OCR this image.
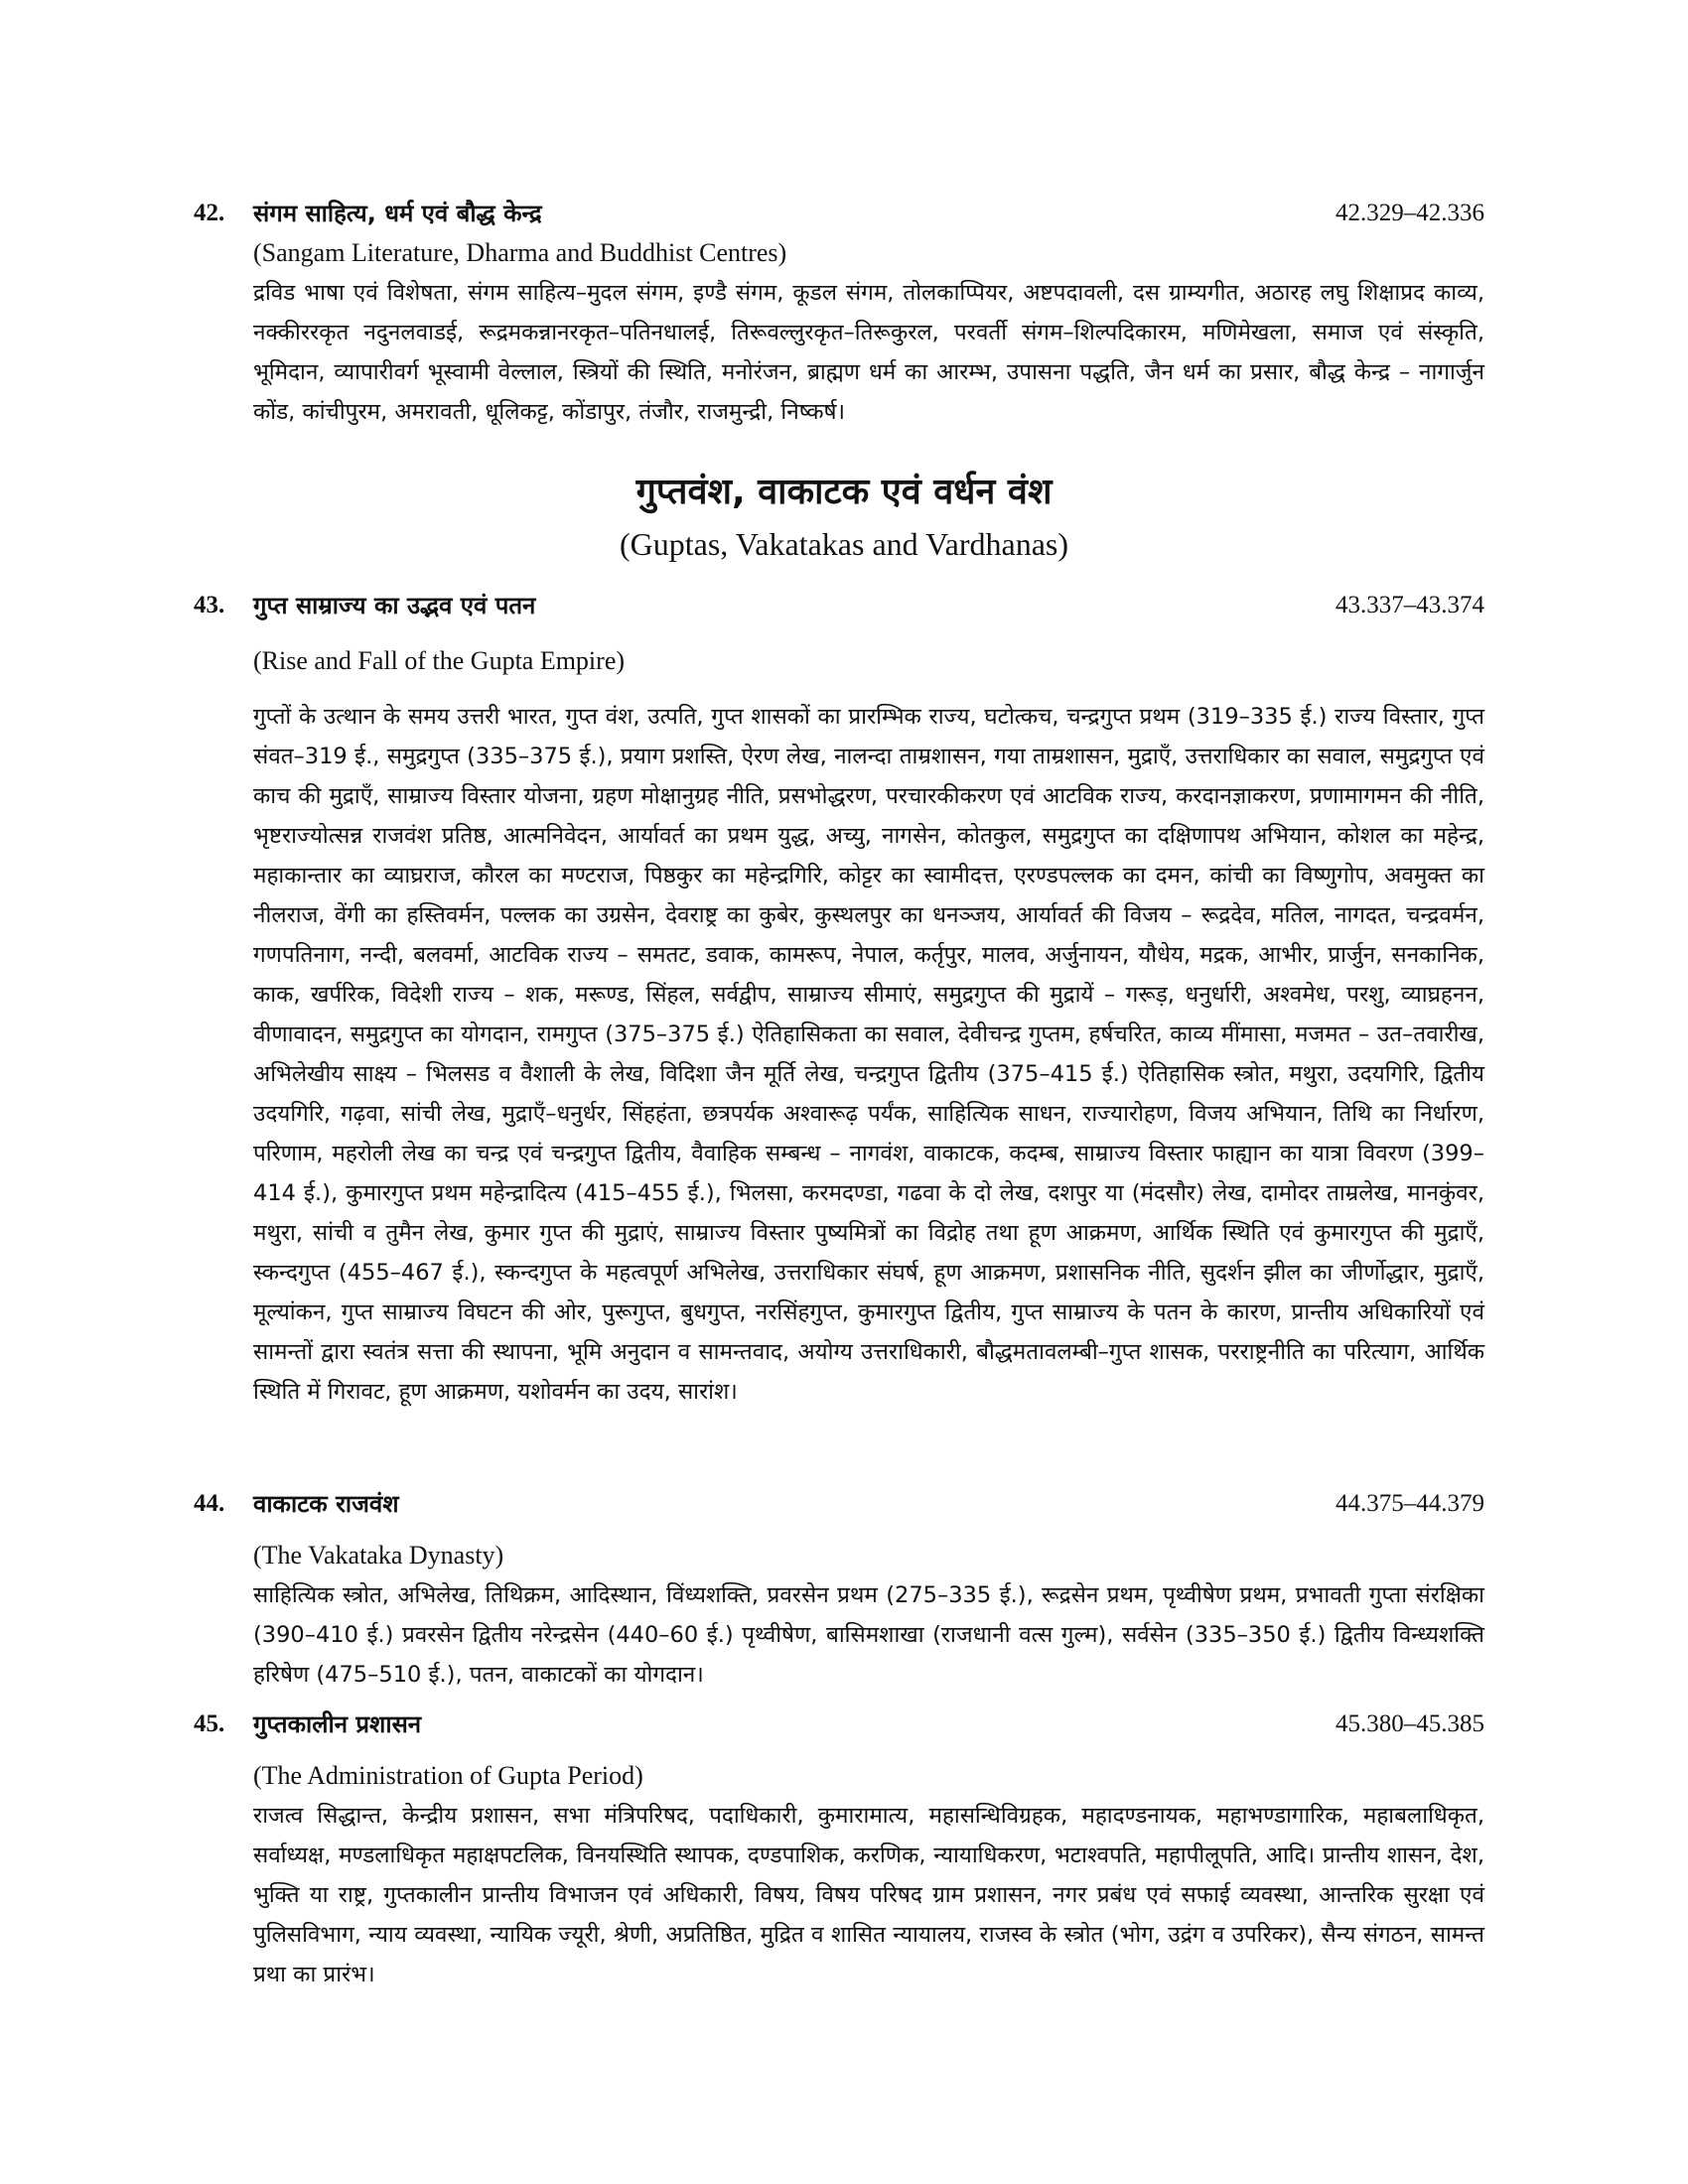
42. संगम साहित्य, धर्म एवं बौद्ध केन्द्र	42.329–42.336
(Sangam Literature, Dharma and Buddhist Centres)
द्रविड भाषा एवं विशेषता, संगम साहित्य–मुदल संगम, इण्डै संगम, कूडल संगम, तोलकाप्पियर, अष्टपदावली, दस ग्राम्यगीत, अठारह लघु शिक्षाप्रद काव्य, नक्कीररकृत नदुनलवाडई, रूद्रमकन्नानरकृत–पतिनधालई, तिरूवल्लुरकृत–तिरूकुरल, परवर्ती संगम–शिल्पदिकारम, मणिमेखला, समाज एवं संस्कृति, भूमिदान, व्यापारीवर्ग भूस्वामी वेल्लाल, स्त्रियों की स्थिति, मनोरंजन, ब्राह्मण धर्म का आरम्भ, उपासना पद्धति, जैन धर्म का प्रसार, बौद्ध केन्द्र – नागार्जुन कोंड, कांचीपुरम, अमरावती, धूलिकट्ट, कोंडापुर, तंजौर, राजमुन्द्री, निष्कर्ष।
गुप्तवंश, वाकाटक एवं वर्धन वंश
(Guptas, Vakatakas and Vardhanas)
43. गुप्त साम्राज्य का उद्भव एवं पतन	43.337–43.374
(Rise and Fall of the Gupta Empire)
गुप्तों के उत्थान के समय उत्तरी भारत, गुप्त वंश, उत्पति, गुप्त शासकों का प्रारम्भिक राज्य, घटोत्कच, चन्द्रगुप्त प्रथम (319–335 ई.) राज्य विस्तार, गुप्त संवत–319 ई., समुद्रगुप्त (335–375 ई.), प्रयाग प्रशस्ति, ऐरण लेख, नालन्दा ताम्रशासन, गया ताम्रशासन, मुद्राएँ, उत्तराधिकार का सवाल, समुद्रगुप्त एवं काच की मुद्राएँ, साम्राज्य विस्तार योजना, ग्रहण मोक्षानुग्रह नीति, प्रसभोद्धरण, परचारकीकरण एवं आटविक राज्य, करदानज्ञाकरण, प्रणामागमन की नीति, भृष्टराज्योत्सन्न राजवंश प्रतिष्ठ, आत्मनिवेदन, आर्यावर्त का प्रथम युद्ध, अच्यु, नागसेन, कोतकुल, समुद्रगुप्त का दक्षिणापथ अभियान, कोशल का महेन्द्र, महाकान्तार का व्याघ्रराज, कौरल का मण्टराज, पिष्ठकुर का महेन्द्रगिरि, कोट्टर का स्वामीदत्त, एरण्डपल्लक का दमन, कांची का विष्णुगोप, अवमुक्त का नीलराज, वेंगी का हस्तिवर्मन, पल्लक का उग्रसेन, देवराष्ट्र का कुबेर, कुस्थलपुर का धनञ्जय, आर्यावर्त की विजय – रूद्रदेव, मतिल, नागदत, चन्द्रवर्मन, गणपतिनाग, नन्दी, बलवर्मा, आटविक राज्य – समतट, डवाक, कामरूप, नेपाल, कर्तृपुर, मालव, अर्जुनायन, यौधेय, मद्रक, आभीर, प्रार्जुन, सनकानिक, काक, खर्परिक, विदेशी राज्य – शक, मरूण्ड, सिंहल, सर्वद्वीप, साम्राज्य सीमाएं, समुद्रगुप्त की मुद्रायें – गरूड़, धनुर्धारी, अश्वमेध, परशु, व्याघ्रहनन, वीणावादन, समुद्रगुप्त का योगदान, रामगुप्त (375–375 ई.) ऐतिहासिकता का सवाल, देवीचन्द्र गुप्तम, हर्षचरित, काव्य मींमासा, मजमत – उत–तवारीख, अभिलेखीय साक्ष्य – भिलसड व वैशाली के लेख, विदिशा जैन मूर्ति लेख, चन्द्रगुप्त द्वितीय (375–415 ई.) ऐतिहासिक स्त्रोत, मथुरा, उदयगिरि, द्वितीय उदयगिरि, गढ़वा, सांची लेख, मुद्राएँ–धनुर्धर, सिंहहंता, छत्रपर्यक अश्वारूढ़ पर्यंक, साहित्यिक साधन, राज्यारोहण, विजय अभियान, तिथि का निर्धारण, परिणाम, महरोली लेख का चन्द्र एवं चन्द्रगुप्त द्वितीय, वैवाहिक सम्बन्ध – नागवंश, वाकाटक, कदम्ब, साम्राज्य विस्तार फाह्यान का यात्रा विवरण (399–414 ई.), कुमारगुप्त प्रथम महेन्द्रादित्य (415–455 ई.), भिलसा, करमदण्डा, गढवा के दो लेख, दशपुर या (मंदसौर) लेख, दामोदर ताम्रलेख, मानकुंवर, मथुरा, सांची व तुमैन लेख, कुमार गुप्त की मुद्राएं, साम्राज्य विस्तार पुष्यमित्रों का विद्रोह तथा हूण आक्रमण, आर्थिक स्थिति एवं कुमारगुप्त की मुद्राएँ, स्कन्दगुप्त (455–467 ई.), स्कन्दगुप्त के महत्वपूर्ण अभिलेख, उत्तराधिकार संघर्ष, हूण आक्रमण, प्रशासनिक नीति, सुदर्शन झील का जीर्णोद्धार, मुद्राएँ, मूल्यांकन, गुप्त साम्राज्य विघटन की ओर, पुरूगुप्त, बुधगुप्त, नरसिंहगुप्त, कुमारगुप्त द्वितीय, गुप्त साम्राज्य के पतन के कारण, प्रान्तीय अधिकारियों एवं सामन्तों द्वारा स्वतंत्र सत्ता की स्थापना, भूमि अनुदान व सामन्तवाद, अयोग्य उत्तराधिकारी, बौद्धमतावलम्बी–गुप्त शासक, परराष्ट्रनीति का परित्याग, आर्थिक स्थिति में गिरावट, हूण आक्रमण, यशोवर्मन का उदय, सारांश।
44. वाकाटक राजवंश	44.375–44.379
(The Vakataka Dynasty)
साहित्यिक स्त्रोत, अभिलेख, तिथिक्रम, आदिस्थान, विंध्यशक्ति, प्रवरसेन प्रथम (275–335 ई.), रूद्रसेन प्रथम, पृथ्वीषेण प्रथम, प्रभावती गुप्ता संरक्षिका (390–410 ई.) प्रवरसेन द्वितीय नरेन्द्रसेन (440–60 ई.) पृथ्वीषेण, बासिमशाखा (राजधानी वत्स गुल्म), सर्वसेन (335–350 ई.) द्वितीय विन्ध्यशक्ति हरिषेण (475–510 ई.), पतन, वाकाटकों का योगदान।
45. गुप्तकालीन प्रशासन	45.380–45.385
(The Administration of Gupta Period)
राजत्व सिद्धान्त, केन्द्रीय प्रशासन, सभा मंत्रिपरिषद, पदाधिकारी, कुमारामात्य, महासन्धिविग्रहक, महादण्डनायक, महाभण्डागारिक, महाबलाधिकृत, सर्वाध्यक्ष, मण्डलाधिकृत महाक्षपटलिक, विनयस्थिति स्थापक, दण्डपाशिक, करणिक, न्यायाधिकरण, भटाश्वपति, महापीलूपति, आदि। प्रान्तीय शासन, देश, भुक्ति या राष्ट्र, गुप्तकालीन प्रान्तीय विभाजन एवं अधिकारी, विषय, विषय परिषद ग्राम प्रशासन, नगर प्रबंध एवं सफाई व्यवस्था, आन्तरिक सुरक्षा एवं पुलिसविभाग, न्याय व्यवस्था, न्यायिक ज्यूरी, श्रेणी, अप्रतिष्ठित, मुद्रित व शासित न्यायालय, राजस्व के स्त्रोत (भोग, उद्रंग व उपरिकर), सैन्य संगठन, सामन्त प्रथा का प्रारंभ।
